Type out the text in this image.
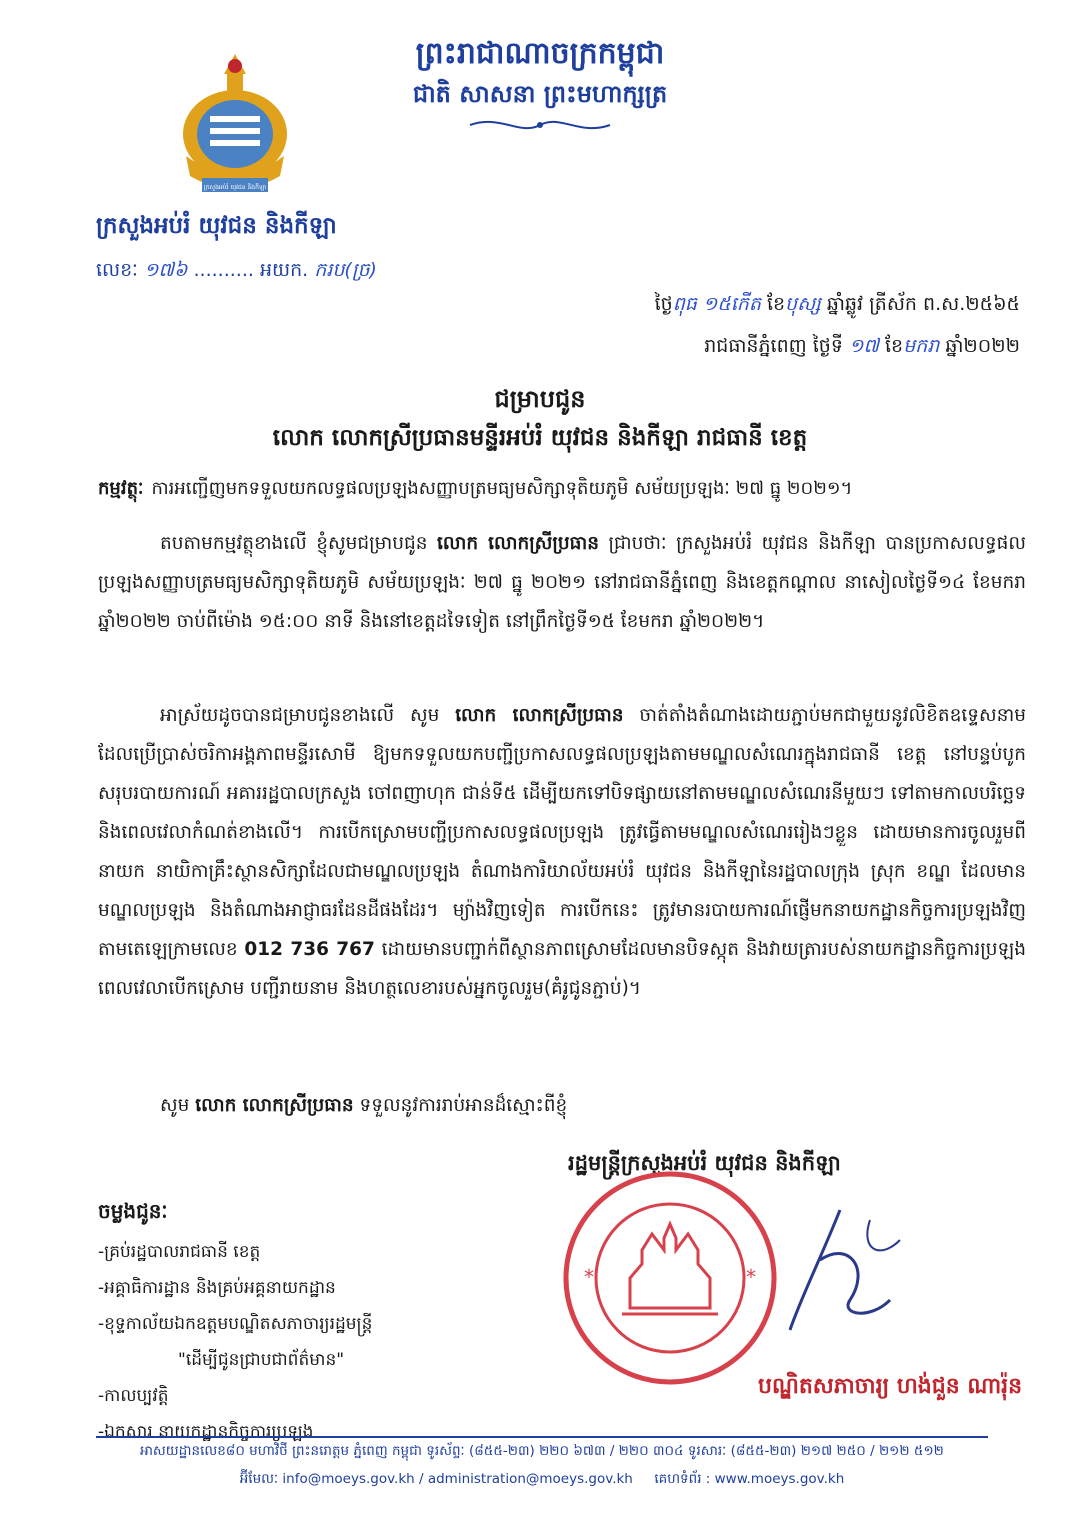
ព្រះរាជាណាចក្រកម្ពុជា
ជាតិ សាសនា ព្រះមហាក្សត្រ
ក្រសួងអប់រំ យុវជន និងកីឡា
ក្រសួងអប់រំ យុវជន និងកីឡា
លេខៈ ១៧៦ .......... អយក. ករប(ច្រ)
ថ្ងៃពុធ ១៥កើត ខែបុស្ស ឆ្នាំឆ្លូវ ត្រីស័ក ព.ស.២៥៦៥
រាជធានីភ្នំពេញ ថ្ងៃទី ១៧ ខែមករា ឆ្នាំ២០២២
ជម្រាបជូន
លោក លោកស្រីប្រធានមន្ទីរអប់រំ យុវជន និងកីឡា រាជធានី ខេត្ត
កម្មវត្ថុៈ ការអញ្ជើញមកទទួលយកលទ្ធផលប្រឡងសញ្ញាបត្រមធ្យមសិក្សាទុតិយភូមិ សម័យប្រឡងៈ ២៧ ធ្នូ ២០២១។

តបតាមកម្មវត្ថុខាងលើ ខ្ញុំសូមជម្រាបជូន លោក លោកស្រីប្រធាន ជ្រាបថាៈ ក្រសួងអប់រំ យុវជន និងកីឡា បានប្រកាសលទ្ធផលប្រឡងសញ្ញាបត្រមធ្យមសិក្សាទុតិយភូមិ សម័យប្រឡងៈ ២៧ ធ្នូ ២០២១ នៅរាជធានីភ្នំពេញ និងខេត្តកណ្ដាល នាសៀលថ្ងៃទី១៤ ខែមករា ឆ្នាំ២០២២ ចាប់ពីម៉ោង ១៥:០០ នាទី និងនៅខេត្តដទៃទៀត នៅព្រឹកថ្ងៃទី១៥ ខែមករា ឆ្នាំ២០២២។

អាស្រ័យដូចបានជម្រាបជូនខាងលើ សូម លោក លោកស្រីប្រធាន ចាត់តាំងតំណាងដោយភ្ជាប់មកជាមួយនូវលិខិតឧទ្ទេសនាម ដែលប្រើប្រាស់ចរិកាអង្គភាពមន្ទីរសោមី ឱ្យមកទទួលយកបញ្ជីប្រកាសលទ្ធផលប្រឡងតាមមណ្ឌលសំណេរក្នុងរាជធានី ខេត្ត នៅបន្ទប់បូកសរុបរបាយការណ៍ អគាររដ្ឋបាលក្រសួង ចៅពញាហុក ជាន់ទី៥ ដើម្បីយកទៅបិទផ្សាយនៅតាមមណ្ឌលសំណេរនីមួយៗ ទៅតាមកាលបរិច្ឆេទ និងពេលវេលាកំណត់ខាងលើ។ ការបើកស្រោមបញ្ជីប្រកាសលទ្ធផលប្រឡង ត្រូវធ្វើតាមមណ្ឌលសំណេររៀងៗខ្លួន ដោយមានការចូលរួមពីនាយក នាយិកាគ្រឹះស្ថានសិក្សាដែលជាមណ្ឌលប្រឡង តំណាងការិយាល័យអប់រំ យុវជន និងកីឡានៃរដ្ឋបាលក្រុង ស្រុក ខណ្ឌ ដែលមានមណ្ឌលប្រឡង និងតំណាងអាជ្ញាធរដែនដីផងដែរ។ ម្យ៉ាងវិញទៀត ការបើកនេះ ត្រូវមានរបាយការណ៍ផ្ញើមកនាយកដ្ឋានកិច្ចការប្រឡងវិញ តាមតេឡេក្រាមលេខ 012 736 767 ដោយមានបញ្ជាក់ពីស្ថានភាពស្រោមដែលមានបិទស្កុត និងវាយត្រារបស់នាយកដ្ឋានកិច្ចការប្រឡង ពេលវេលាបើកស្រោម បញ្ជីរាយនាម និងហត្ថលេខារបស់អ្នកចូលរួម(គំរូជូនភ្ជាប់)។

សូម លោក លោកស្រីប្រធាន ទទួលនូវការរាប់អានដ៏ស្មោះពីខ្ញុំ

រដ្ឋមន្ត្រីក្រសួងអប់រំ យុវជន និងកីឡា
*	*
បណ្ឌិតសភាចារ្យ ហង់ជួន ណារ៉ុន
ចម្លងជូនៈ
-គ្រប់រដ្ឋបាលរាជធានី ខេត្ត
-អគ្គាធិការដ្ឋាន និងគ្រប់អគ្គនាយកដ្ឋាន
-ខុទ្ទកាល័យឯកឧត្តមបណ្ឌិតសភាចារ្យរដ្ឋមន្ត្រី
"ដើម្បីជូនជ្រាបជាព័ត៌មាន"
-កាលប្បវត្តិ
-ឯកសារ នាយកដ្ឋានកិច្ចការប្រឡង
អាសយដ្ឋានលេខ៨០ មហាវិថី ព្រះនរោត្ដម ភ្នំពេញ កម្ពុជា ទូរស័ព្ទៈ (៨៥៥-២៣) ២២០ ៦៧៣ / ២២០ ៣០៤ ទូរសារៈ (៨៥៥-២៣) ២១៧ ២៥០ / ២១២ ៥១២
អ៊ីមែលៈ info@moeys.gov.kh / administration@moeys.gov.kh គេហទំព័រ : www.moeys.gov.kh
